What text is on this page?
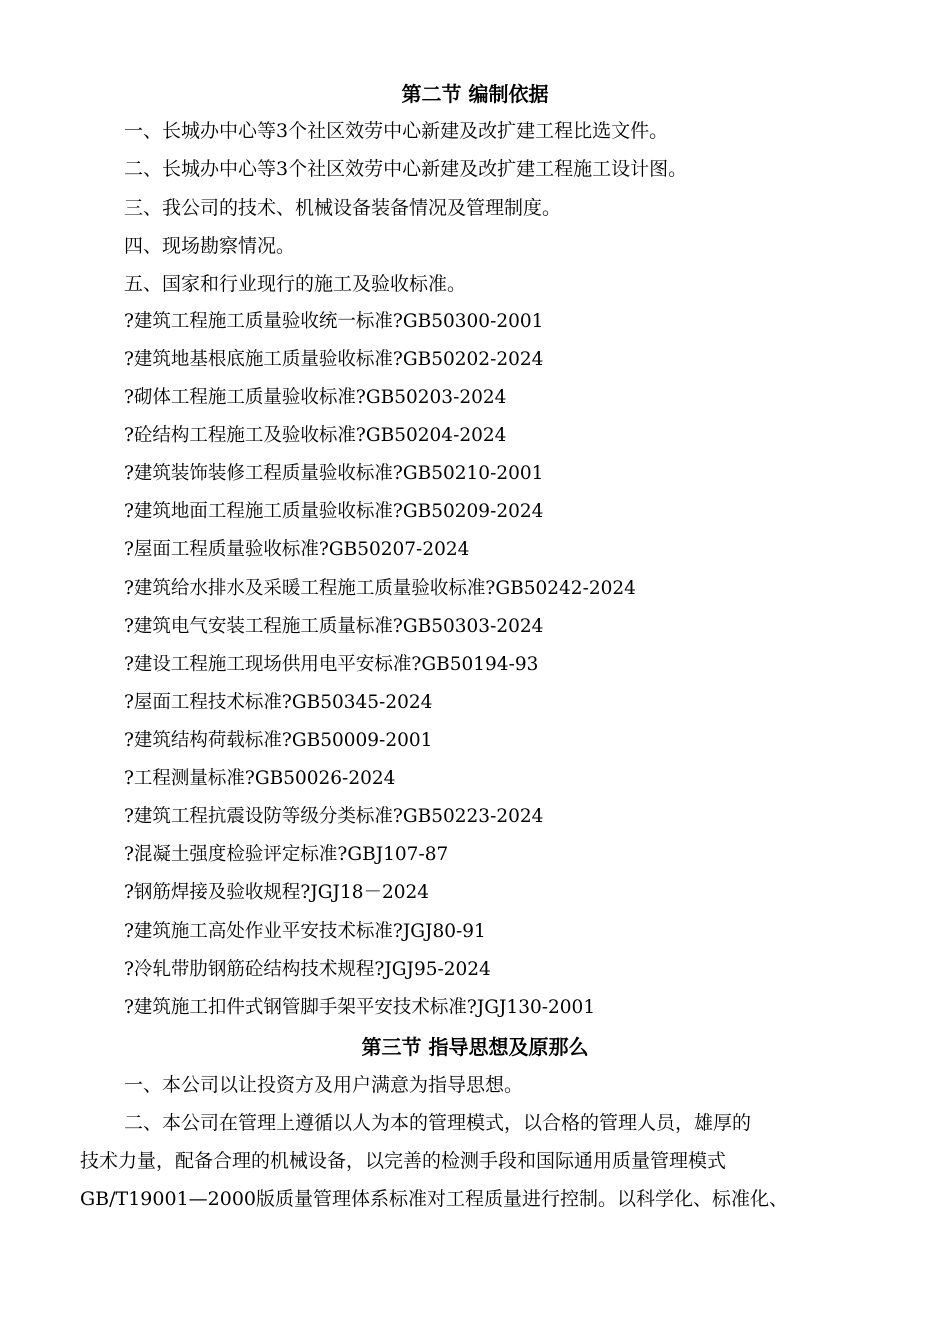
第二节 编制依据
一、长城办中心等3个社区效劳中心新建及改扩建工程比选文件。
二、长城办中心等3个社区效劳中心新建及改扩建工程施工设计图。
三、我公司的技术、机械设备装备情况及管理制度。
四、现场勘察情况。
五、国家和行业现行的施工及验收标准。
?建筑工程施工质量验收统一标准?GB50300-2001
?建筑地基根底施工质量验收标准?GB50202-2024
?砌体工程施工质量验收标准?GB50203-2024
?砼结构工程施工及验收标准?GB50204-2024
?建筑装饰装修工程质量验收标准?GB50210-2001
?建筑地面工程施工质量验收标准?GB50209-2024
?屋面工程质量验收标准?GB50207-2024
?建筑给水排水及采暖工程施工质量验收标准?GB50242-2024
?建筑电气安装工程施工质量标准?GB50303-2024
?建设工程施工现场供用电平安标准?GB50194-93
?屋面工程技术标准?GB50345-2024
?建筑结构荷载标准?GB50009-2001
?工程测量标准?GB50026-2024
?建筑工程抗震设防等级分类标准?GB50223-2024
?混凝土强度检验评定标准?GBJ107-87
?钢筋焊接及验收规程?JGJ18－2024
?建筑施工高处作业平安技术标准?JGJ80-91
?冷轧带肋钢筋砼结构技术规程?JGJ95-2024
?建筑施工扣件式钢管脚手架平安技术标准?JGJ130-2001
第三节 指导思想及原那么
一、本公司以让投资方及用户满意为指导思想。
二、本公司在管理上遵循以人为本的管理模式，以合格的管理人员，雄厚的
技术力量，配备合理的机械设备，以完善的检测手段和国际通用质量管理模式
GB/T19001—2000版质量管理体系标准对工程质量进行控制。以科学化、标准化、
